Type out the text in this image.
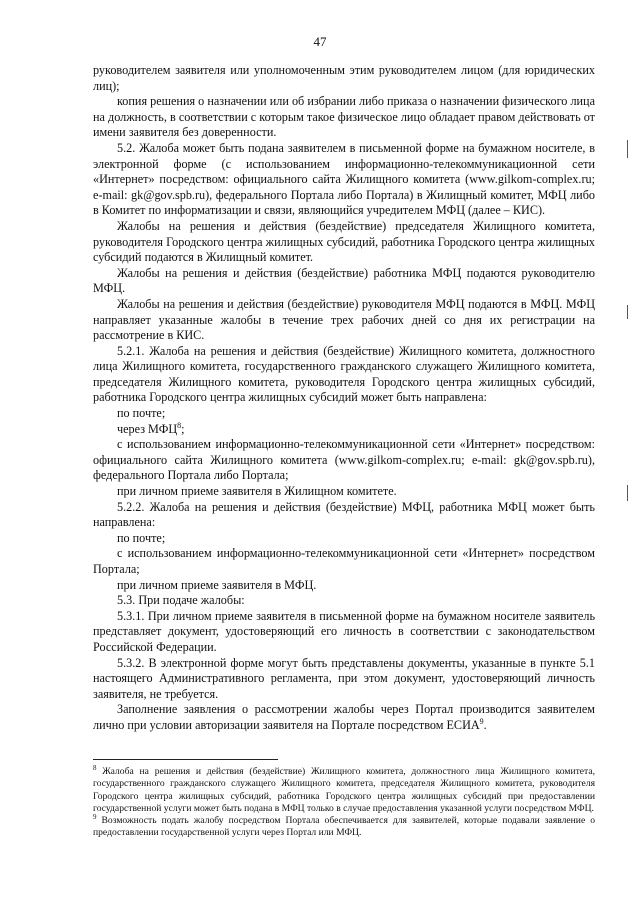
47

руководителем заявителя или уполномоченным этим руководителем лицом (для юридических лиц);

копия решения о назначении или об избрании либо приказа о назначении физического лица на должность, в соответствии с которым такое физическое лицо обладает правом действовать от имени заявителя без доверенности.

5.2. Жалоба может быть подана заявителем в письменной форме на бумажном носителе, в электронной форме (с использованием информационно-телекоммуникационной сети «Интернет» посредством: официального сайта Жилищного комитета (www.gilkom-complex.ru; e-mail: gk@gov.spb.ru), федерального Портала либо Портала) в Жилищный комитет, МФЦ либо в Комитет по информатизации и связи, являющийся учредителем МФЦ (далее – КИС).

Жалобы на решения и действия (бездействие) председателя Жилищного комитета, руководителя Городского центра жилищных субсидий, работника Городского центра жилищных субсидий подаются в Жилищный комитет.

Жалобы на решения и действия (бездействие) работника МФЦ подаются руководителю МФЦ.

Жалобы на решения и действия (бездействие) руководителя МФЦ подаются в МФЦ. МФЦ направляет указанные жалобы в течение трех рабочих дней со дня их регистрации на рассмотрение в КИС.

5.2.1. Жалоба на решения и действия (бездействие) Жилищного комитета, должностного лица Жилищного комитета, государственного гражданского служащего Жилищного комитета, председателя Жилищного комитета, руководителя Городского центра жилищных субсидий, работника Городского центра жилищных субсидий может быть направлена:

по почте;

через МФЦ$^8$;

с использованием информационно-телекоммуникационной сети «Интернет» посредством: официального сайта Жилищного комитета (www.gilkom-complex.ru; e-mail: gk@gov.spb.ru), федерального Портала либо Портала;

при личном приеме заявителя в Жилищном комитете.

5.2.2. Жалоба на решения и действия (бездействие) МФЦ, работника МФЦ может быть направлена:

по почте;

с использованием информационно-телекоммуникационной сети «Интернет» посредством Портала;

при личном приеме заявителя в МФЦ.

5.3. При подаче жалобы:

5.3.1. При личном приеме заявителя в письменной форме на бумажном носителе заявитель представляет документ, удостоверяющий его личность в соответствии с законодательством Российской Федерации.

5.3.2. В электронной форме могут быть представлены документы, указанные в пункте 5.1 настоящего Административного регламента, при этом документ, удостоверяющий личность заявителя, не требуется.

Заполнение заявления о рассмотрении жалобы через Портал производится заявителем лично при условии авторизации заявителя на Портале посредством ЕСИА$^9$.

$^8$ Жалоба на решения и действия (бездействие) Жилищного комитета, должностного лица Жилищного комитета, государственного гражданского служащего Жилищного комитета, председателя Жилищного комитета, руководителя Городского центра жилищных субсидий, работника Городского центра жилищных субсидий при предоставлении государственной услуги может быть подана в МФЦ только в случае предоставления указанной услуги посредством МФЦ.

$^9$ Возможность подать жалобу посредством Портала обеспечивается для заявителей, которые подавали заявление о предоставлении государственной услуги через Портал или МФЦ.
